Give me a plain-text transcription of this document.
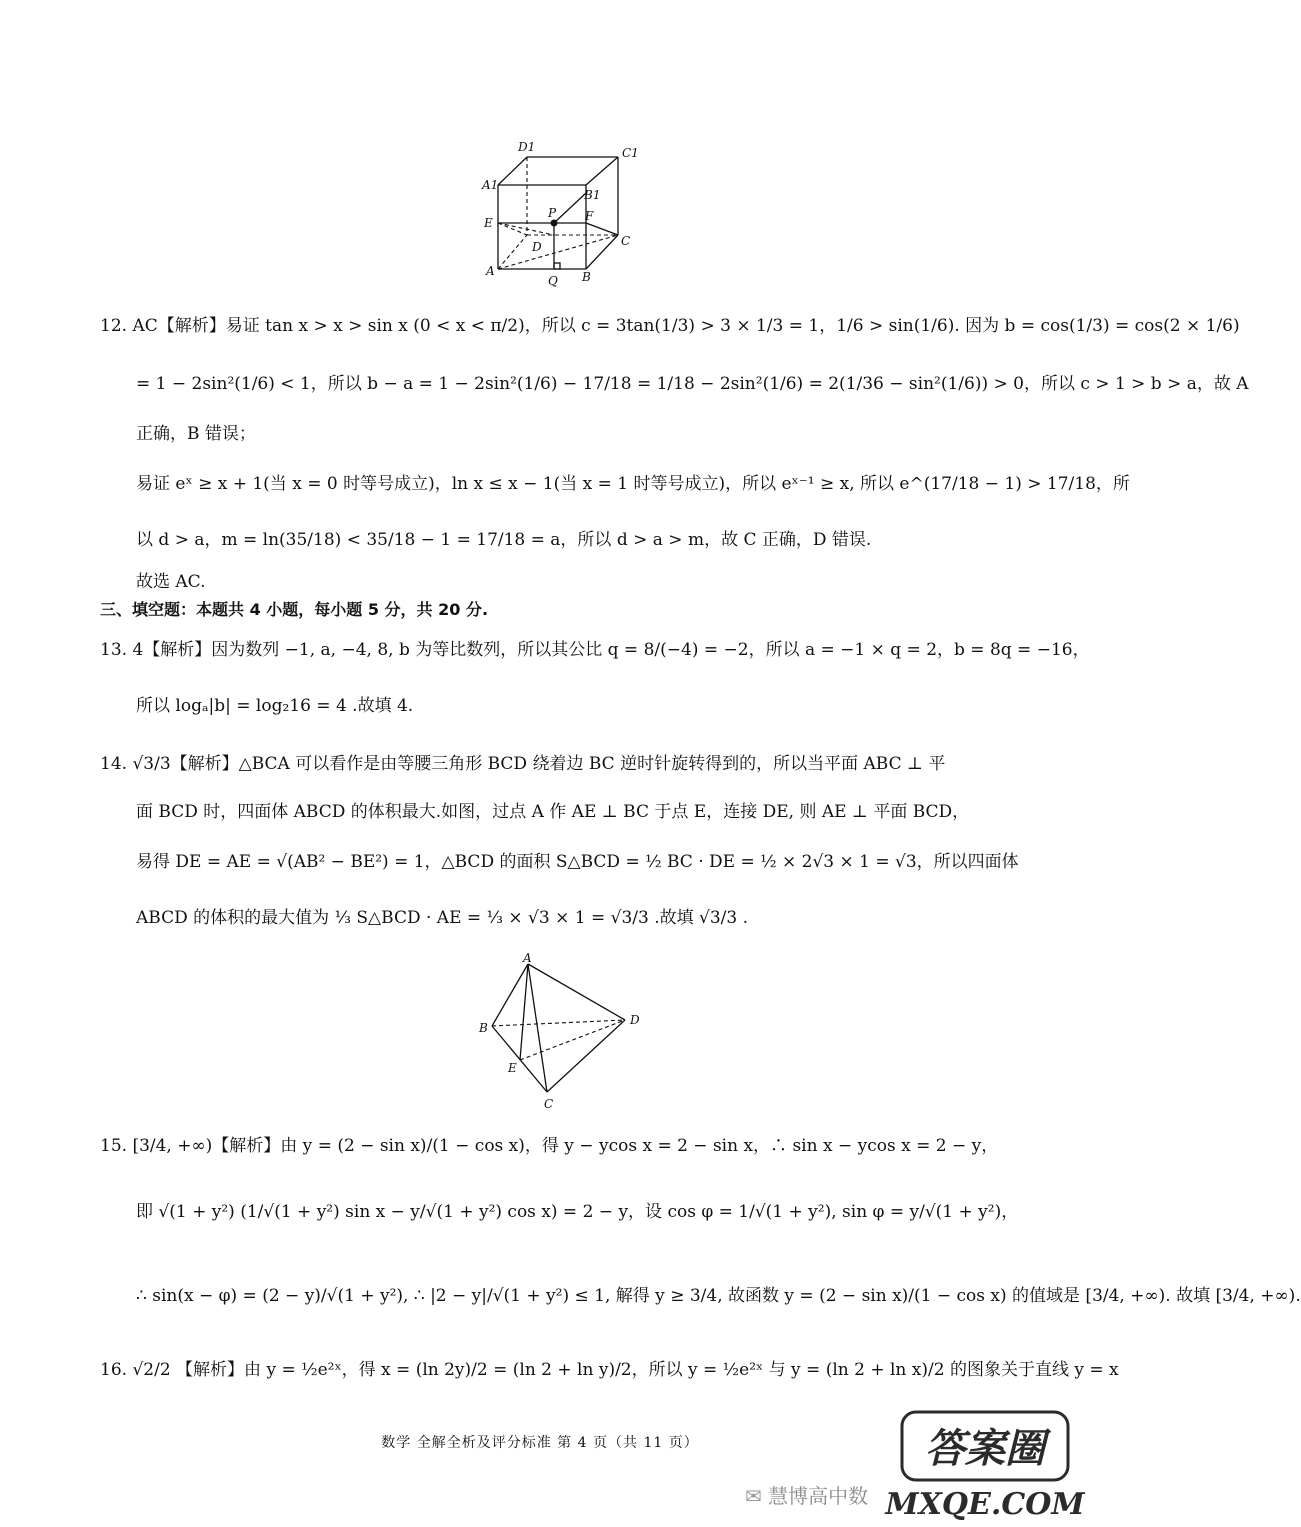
D1	C1
A1
B1
E
P F
D	C
A	B
Q
12. AC【解析】易证 tan x > x > sin x (0 < x < π/2)，所以 c = 3tan(1/3) > 3 × 1/3 = 1，1/6 > sin(1/6). 因为 b = cos(1/3) = cos(2 × 1/6)
= 1 − 2sin²(1/6) < 1，所以 b − a = 1 − 2sin²(1/6) − 17/18 = 1/18 − 2sin²(1/6) = 2(1/36 − sin²(1/6)) > 0，所以 c > 1 > b > a，故 A
正确，B 错误；
易证 eˣ ≥ x + 1(当 x = 0 时等号成立)，ln x ≤ x − 1(当 x = 1 时等号成立)，所以 eˣ⁻¹ ≥ x, 所以 e^(17/18 − 1) > 17/18，所
以 d > a，m = ln(35/18) < 35/18 − 1 = 17/18 = a，所以 d > a > m，故 C 正确，D 错误.
故选 AC.
三、填空题：本题共 4 小题，每小题 5 分，共 20 分.
13. 4【解析】因为数列 −1, a, −4, 8, b 为等比数列，所以其公比 q = 8/(−4) = −2，所以 a = −1 × q = 2，b = 8q = −16，
所以 logₐ|b| = log₂16 = 4 .故填 4.
14. √3/3【解析】△BCA 可以看作是由等腰三角形 BCD 绕着边 BC 逆时针旋转得到的，所以当平面 ABC ⊥ 平
面 BCD 时，四面体 ABCD 的体积最大.如图，过点 A 作 AE ⊥ BC 于点 E，连接 DE, 则 AE ⊥ 平面 BCD，
易得 DE = AE = √(AB² − BE²) = 1，△BCD 的面积 S△BCD = ½ BC · DE = ½ × 2√3 × 1 = √3，所以四面体
ABCD 的体积的最大值为 ⅓ S△BCD · AE = ⅓ × √3 × 1 = √3/3 .故填 √3/3 .
A
B
D
E
C
15. [3/4, +∞)【解析】由 y = (2 − sin x)/(1 − cos x)，得 y − ycos x = 2 − sin x，∴ sin x − ycos x = 2 − y，
即 √(1 + y²) (1/√(1 + y²) sin x − y/√(1 + y²) cos x) = 2 − y，设 cos φ = 1/√(1 + y²), sin φ = y/√(1 + y²)，
∴ sin(x − φ) = (2 − y)/√(1 + y²), ∴ |2 − y|/√(1 + y²) ≤ 1, 解得 y ≥ 3/4, 故函数 y = (2 − sin x)/(1 − cos x) 的值域是 [3/4, +∞). 故填 [3/4, +∞).
16. √2/2 【解析】由 y = ½e²ˣ，得 x = (ln 2y)/2 = (ln 2 + ln y)/2，所以 y = ½e²ˣ 与 y = (ln 2 + ln x)/2 的图象关于直线 y = x
数学 全解全析及评分标准 第 4 页（共 11 页）
✉ 慧博高中数
答案圈
MXQE.COM
